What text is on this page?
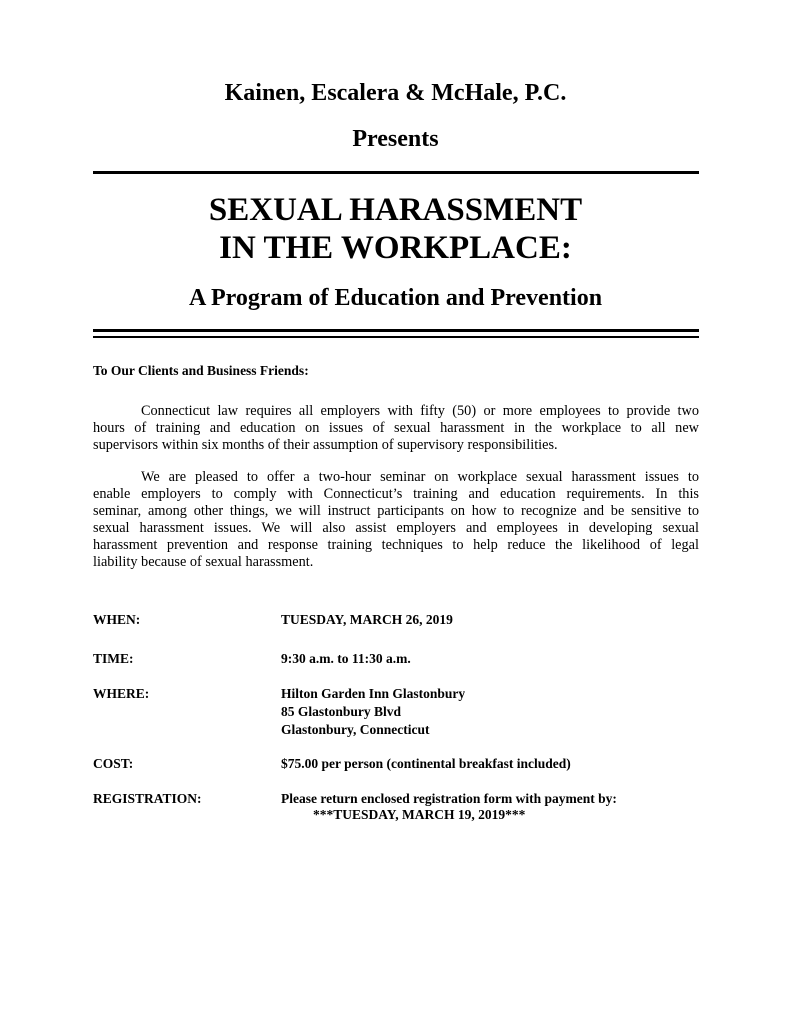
Kainen, Escalera & McHale, P.C.
Presents
SEXUAL HARASSMENT
IN THE WORKPLACE:
A Program of Education and Prevention
To Our Clients and Business Friends:
Connecticut law requires all employers with fifty (50) or more employees to provide two
hours of training and education on issues of sexual harassment in the workplace to all new
supervisors within six months of their assumption of supervisory responsibilities.
We are pleased to offer a two-hour seminar on workplace sexual harassment issues to
enable employers to comply with Connecticut’s training and education requirements. In this
seminar, among other things, we will instruct participants on how to recognize and be sensitive to
sexual harassment issues. We will also assist employers and employees in developing sexual
harassment prevention and response training techniques to help reduce the likelihood of legal
liability because of sexual harassment.
WHEN:	TUESDAY, MARCH 26, 2019
TIME:	9:30 a.m. to 11:30 a.m.
WHERE:	Hilton Garden Inn Glastonbury
85 Glastonbury Blvd
Glastonbury, Connecticut
COST:	$75.00 per person (continental breakfast included)
REGISTRATION:	Please return enclosed registration form with payment by:
***TUESDAY, MARCH 19, 2019***
